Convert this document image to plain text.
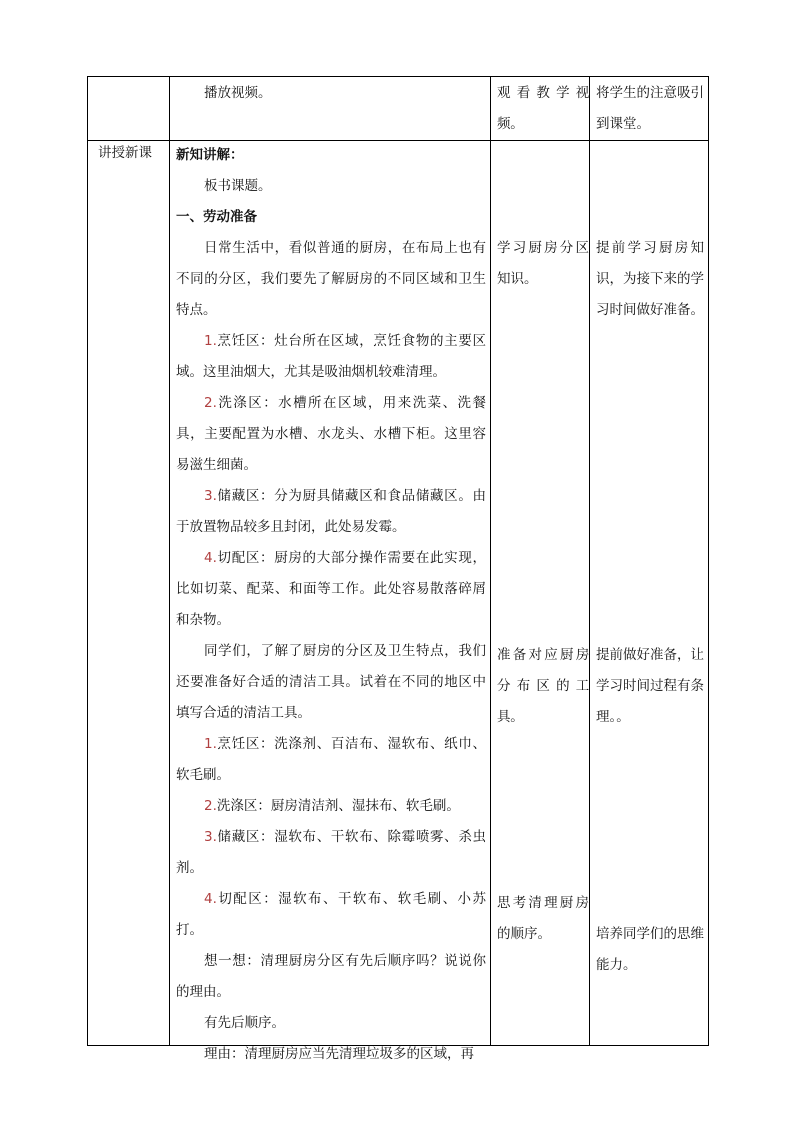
播放视频。	观看教学视频。

将学生的注意吸引到课堂。

讲授新课	新知讲解：

板书课题。

一、劳动准备

日常生活中，看似普通的厨房，在布局上也有不同的分区，我们要先了解厨房的不同区域和卫生特点。

1.烹饪区：灶台所在区域，烹饪食物的主要区域。这里油烟大，尤其是吸油烟机较难清理。

2.洗涤区：水槽所在区域，用来洗菜、洗餐具，主要配置为水槽、水龙头、水槽下柜。这里容易滋生细菌。

3.储藏区：分为厨具储藏区和食品储藏区。由于放置物品较多且封闭，此处易发霉。

4.切配区：厨房的大部分操作需要在此实现，比如切菜、配菜、和面等工作。此处容易散落碎屑和杂物。

同学们，了解了厨房的分区及卫生特点，我们还要准备好合适的清洁工具。试着在不同的地区中填写合适的清洁工具。

1.烹饪区：洗涤剂、百洁布、湿软布、纸巾、软毛刷。

2.洗涤区：厨房清洁剂、湿抹布、软毛刷。

3.储藏区：湿软布、干软布、除霉喷雾、杀虫剂。

4.切配区：湿软布、干软布、软毛刷、小苏打。

想一想：清理厨房分区有先后顺序吗？说说你的理由。

有先后顺序。

理由：清理厨房应当先清理垃圾多的区域，再

学习厨房分区知识。

准备对应厨房分布区的工具。

思考清理厨房的顺序。

提前学习厨房知识，为接下来的学习时间做好准备。

提前做好准备，让学习时间过程有条理。。

培养同学们的思维能力。
